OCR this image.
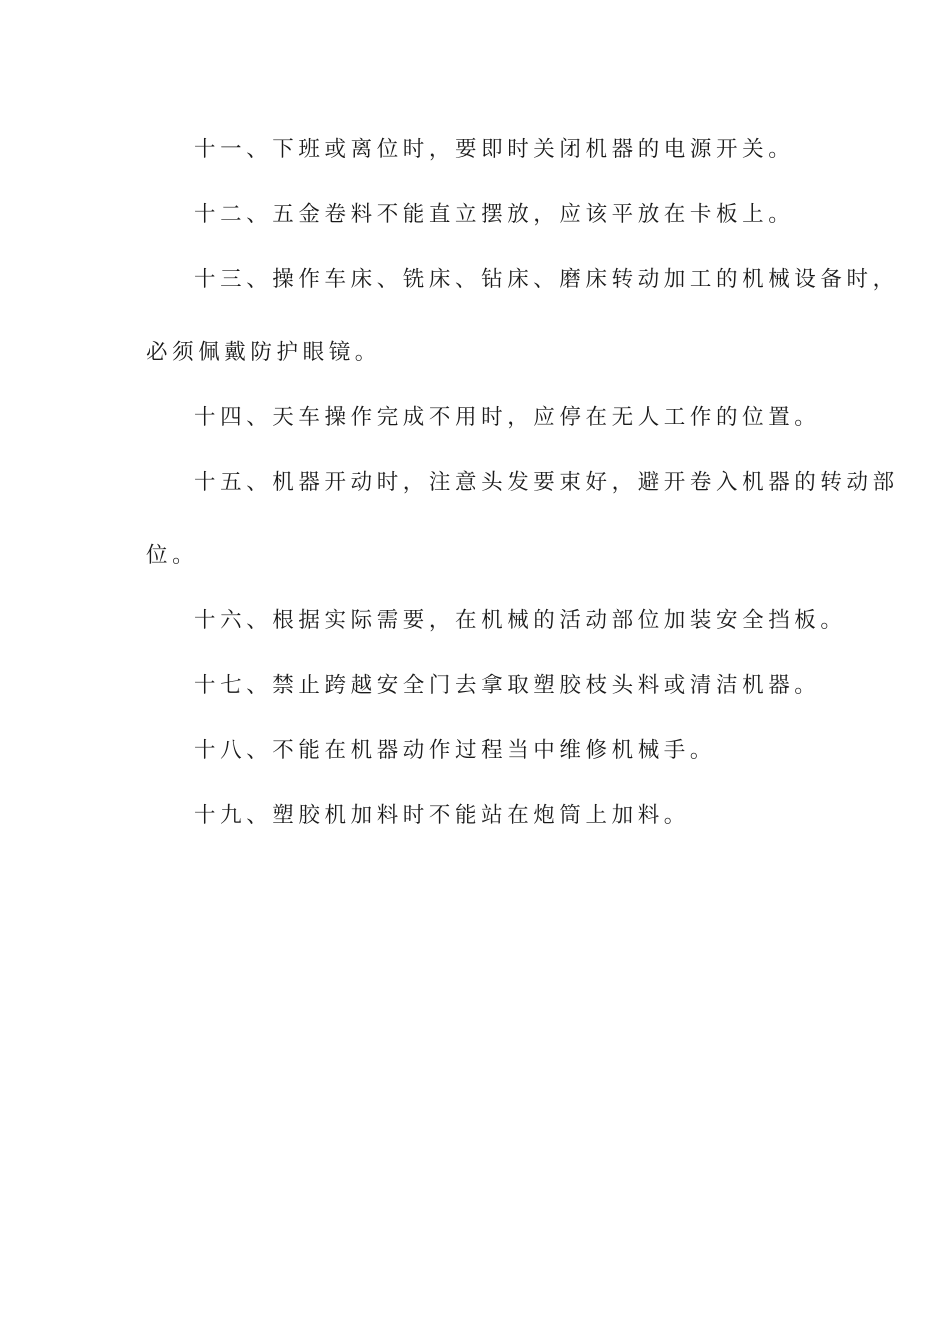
十一、下班或离位时，要即时关闭机器的电源开关。
十二、五金卷料不能直立摆放，应该平放在卡板上。
十三、操作车床、铣床、钻床、磨床转动加工的机械设备时，
必须佩戴防护眼镜。
十四、天车操作完成不用时，应停在无人工作的位置。
十五、机器开动时，注意头发要束好，避开卷入机器的转动部
位。
十六、根据实际需要，在机械的活动部位加装安全挡板。
十七、禁止跨越安全门去拿取塑胶枝头料或清洁机器。
十八、不能在机器动作过程当中维修机械手。
十九、塑胶机加料时不能站在炮筒上加料。
